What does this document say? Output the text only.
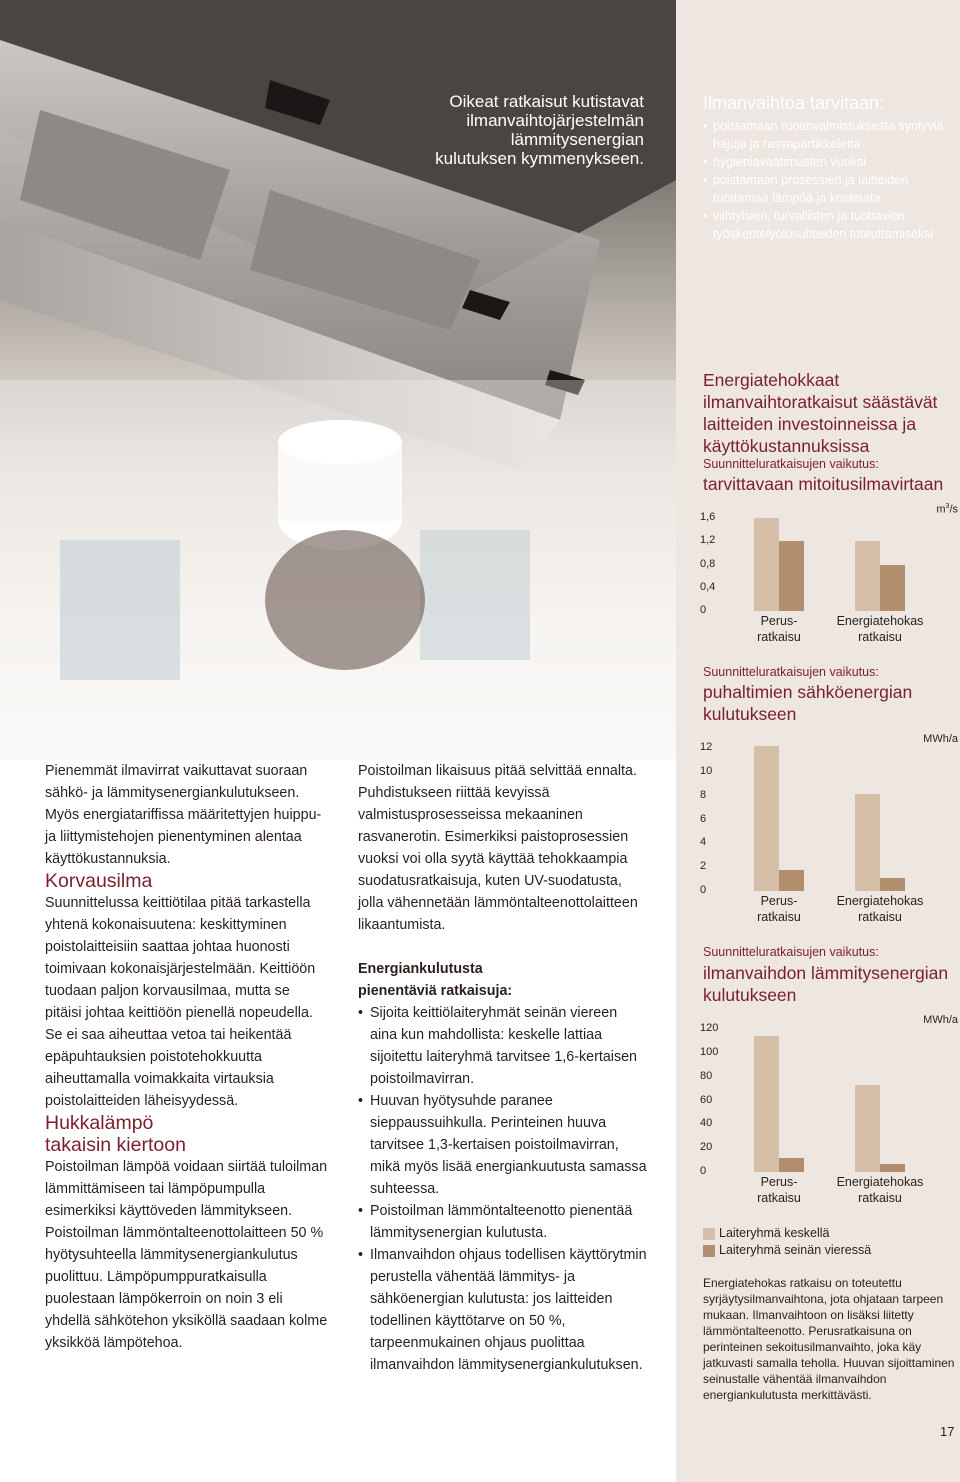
Oikeat ratkaisut kutistavat ilmanvaihtojärjestelmän lämmitysenergian kulutuksen kymmenykseen.
Ilmanvaihtoa tarvitaan:
• poistamaan ruoanvalmistuksesta syntyviä hajuja ja rasvapartikkeleita
• hygieniavaatimusten vuoksi
• poistamaan prosessien ja laitteiden tuottamaa lämpöä ja kosteutta
• viihtyisien, turvallisten ja tuottavien työskentelyolosuhteiden toteuttamiseksi
Energiatehokkaat ilmanvaihtoratkaisut säästävät laitteiden investoinneissa ja käyttökustannuksissa
Suunnitteluratkaisujen vaikutus:
tarvittavaan mitoitusilmavirtaan
$m^3/s$
1,6
1,2
0,8
0,4
0
Perus-
ratkaisu
Energiatehokas
ratkaisu
Suunnitteluratkaisujen vaikutus:
puhaltimien sähköenergian kulutukseen
MWh/a
12
10
8
6
4
2
0
Perus-
ratkaisu
Energiatehokas
ratkaisu
Suunnitteluratkaisujen vaikutus:
ilmanvaihdon lämmitysenergian kulutukseen
MWh/a
120
100
80
60
40
20
0
Perus-
ratkaisu
Energiatehokas
ratkaisu
Laiteryhmä keskellä
Laiteryhmä seinän vieressä
Energiatehokas ratkaisu on toteutettu syrjäytysilmanvaihtona, jota ohjataan tarpeen mukaan. Ilmanvaihtoon on lisäksi liitetty lämmöntalteenotto. Perusratkaisuna on perinteinen sekoitusilmanvaihto, joka käy jatkuvasti samalla teholla. Huuvan sijoittaminen seinustalle vähentää ilmanvaihdon energiankulutusta merkittävästi.

Pienemmät ilmavirrat vaikuttavat suoraan sähkö- ja lämmitysenergiankulutukseen. Myös energiatariffissa määritettyjen huippu- ja liittymistehojen pienentyminen alentaa käyttökustannuksia.

Korvausilma

Suunnittelussa keittiötilaa pitää tarkastella yhtenä kokonaisuutena: keskittyminen poistolaitteisiin saattaa johtaa huonosti toimivaan kokonaisjärjestelmään. Keittiöön tuodaan paljon korvausilmaa, mutta se pitäisi johtaa keittiöön pienellä nopeudella. Se ei saa aiheuttaa vetoa tai heikentää epäpuhtauksien poistotehokkuutta aiheuttamalla voimakkaita virtauksia poistolaitteiden läheisyydessä.

Hukkalämpö
takaisin kiertoon

Poistoilman lämpöä voidaan siirtää tuloilman lämmittämiseen tai lämpöpumpulla esimerkiksi käyttöveden lämmitykseen. Poistoilman lämmöntalteenottolaitteen 50 % hyötysuhteella lämmitysenergiankulutus puolittuu. Lämpöpumppuratkaisulla puolestaan lämpökerroin on noin 3 eli yhdellä sähkötehon yksiköllä saadaan kolme yksikköä lämpötehoa.

Poistoilman likaisuus pitää selvittää ennalta. Puhdistukseen riittää kevyissä valmistusprosesseissa mekaaninen rasvanerotin. Esimerkiksi paistoprosessien vuoksi voi olla syytä käyttää tehokkaampia suodatusratkaisuja, kuten UV-suodatusta, jolla vähennetään lämmöntalteenottolaitteen likaantumista.

Energiankulutusta
pienentäviä ratkaisuja:

• Sijoita keittiölaiteryhmät seinän viereen aina kun mahdollista: keskelle lattiaa sijoitettu laiteryhmä tarvitsee 1,6-kertaisen poistoilmavirran.

• Huuvan hyötysuhde paranee sieppaussuihkulla. Perinteinen huuva tarvitsee 1,3-kertaisen poistoilmavirran, mikä myös lisää energiankuutusta samassa suhteessa.

• Poistoilman lämmöntalteenotto pienentää lämmitysenergian kulutusta.

• Ilmanvaihdon ohjaus todellisen käyttörytmin perustella vähentää lämmitys- ja sähköenergian kulutusta: jos laitteiden todellinen käyttötarve on 50 %, tarpeenmukainen ohjaus puolittaa ilmanvaihdon lämmitysenergiankulutuksen.

17
